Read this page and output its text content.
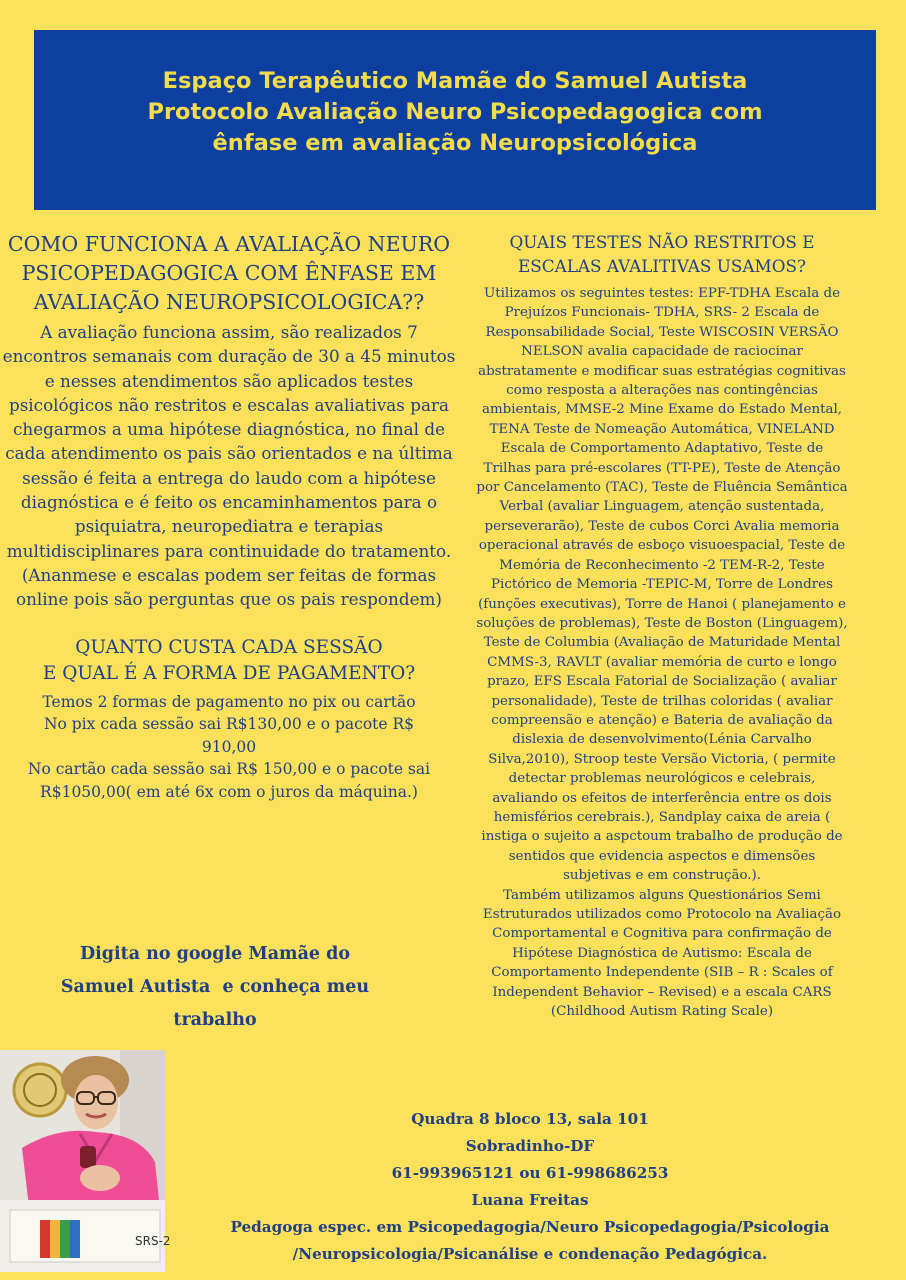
Espaço Terapêutico Mamãe do Samuel Autista
Protocolo Avaliação Neuro Psicopedagogica com
ênfase em avaliação Neuropsicológica

COMO FUNCIONA A AVALIAÇÃO NEURO PSICOPEDAGOGICA COM ÊNFASE EM AVALIAÇÃO NEUROPSICOLOGICA??

A avaliação funciona assim, são realizados 7 encontros semanais com duração de 30 a 45 minutos e nesses atendimentos são aplicados testes psicológicos não restritos e escalas avaliativas para chegarmos a uma hipótese diagnóstica, no final de cada atendimento os pais são orientados e na última sessão é feita a entrega do laudo com a hipótese diagnóstica e é feito os encaminhamentos para o psiquiatra, neuropediatra e terapias multidisciplinares para continuidade do tratamento.

(Ananmese e escalas podem ser feitas de formas online pois são perguntas que os pais respondem)

QUANTO CUSTA CADA SESSÃO
E QUAL É A FORMA DE PAGAMENTO?

Temos 2 formas de pagamento no pix ou cartão
No pix cada sessão sai R$130,00 e o pacote R$ 910,00
No cartão cada sessão sai R$ 150,00 e o pacote sai R$1050,00( em até 6x com o juros da máquina.)
Digita no google Mamãe do
Samuel Autista  e conheça meu
trabalho

QUAIS TESTES NÃO RESTRITOS E ESCALAS AVALITIVAS USAMOS?

Utilizamos os seguintes testes: EPF-TDHA Escala de Prejuízos Funcionais- TDHA, SRS- 2 Escala de Responsabilidade Social, Teste WISCOSIN VERSÃO NELSON avalia capacidade de raciocinar abstratamente e modificar suas estratégias cognitivas como resposta a alterações nas contingências ambientais, MMSE-2 Mine Exame do Estado Mental, TENA Teste de Nomeação Automática, VINELAND Escala de Comportamento Adaptativo, Teste de Trilhas para pré-escolares (TT-PE), Teste de Atenção por Cancelamento (TAC), Teste de Fluência Semântica Verbal (avaliar Linguagem, atenção sustentada, perseverarão), Teste de cubos Corci Avalia memoria operacional através de esboço visuoespacial, Teste de Memória de Reconhecimento -2 TEM-R-2, Teste Pictórico de Memoria -TEPIC-M, Torre de Londres (funções executivas), Torre de Hanoi ( planejamento e soluções de problemas), Teste de Boston (Linguagem), Teste de Columbia (Avaliação de Maturidade Mental CMMS-3, RAVLT (avaliar memória de curto e longo prazo, EFS Escala Fatorial de Socialização ( avaliar personalidade), Teste de trilhas coloridas ( avaliar compreensão e atenção) e Bateria de avaliação da dislexia de desenvolvimento(Lénia Carvalho Silva,2010), Stroop teste Versão Victoria, ( permite detectar problemas neurológicos e celebrais, avaliando os efeitos de interferência entre os dois hemisférios cerebrais.), Sandplay caixa de areia ( instiga o sujeito a aspctoum trabalho de produção de sentidos que evidencia aspectos e dimensões subjetivas e em construção.).

Também utilizamos alguns Questionários Semi Estruturados utilizados como Protocolo na Avaliação Comportamental e Cognitiva para confirmação de Hipótese Diagnóstica de Autismo: Escala de Comportamento Independente (SIB – R : Scales of Independent Behavior – Revised) e a escala CARS (Childhood Autism Rating Scale)

SRS-2
Quadra 8 bloco 13, sala 101
Sobradinho-DF
61-993965121 ou 61-998686253
Luana Freitas
Pedagoga espec. em Psicopedagogia/Neuro Psicopedagogia/Psicologia
/Neuropsicologia/Psicanálise e condenação Pedagógica.
